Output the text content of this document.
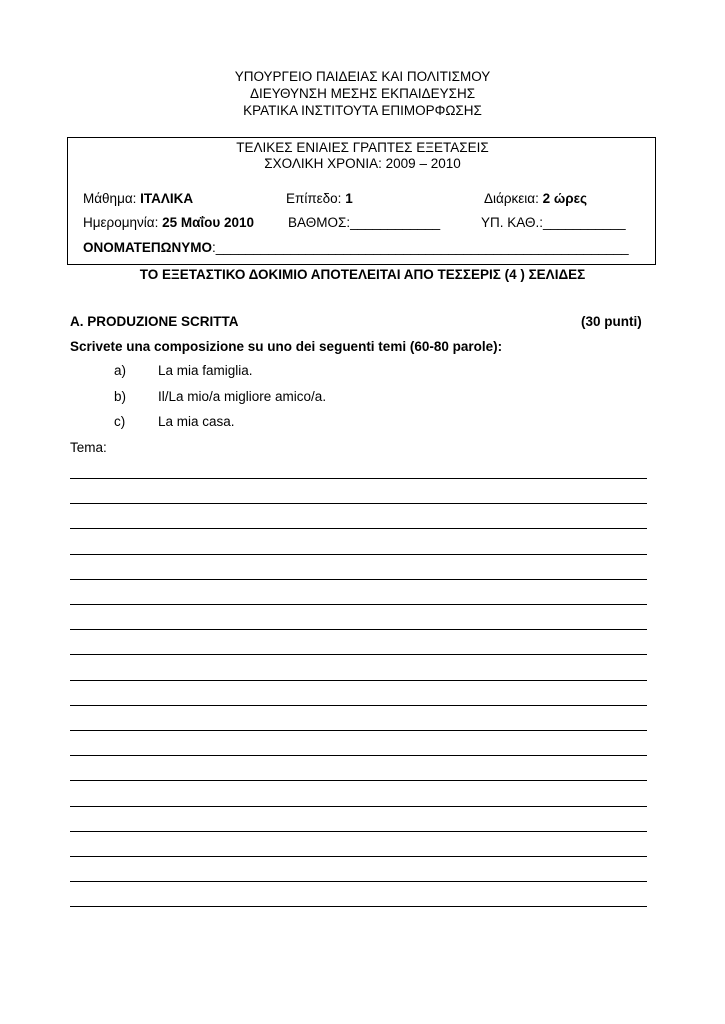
ΥΠΟΥΡΓΕΙΟ ΠΑΙΔΕΙΑΣ ΚΑΙ ΠΟΛΙΤΙΣΜΟΥ
ΔΙΕΥΘΥΝΣΗ ΜΕΣΗΣ ΕΚΠΑΙΔΕΥΣΗΣ
ΚΡΑΤΙΚΑ ΙΝΣΤΙΤΟΥΤΑ ΕΠΙΜΟΡΦΩΣΗΣ
ΤΕΛΙΚΕΣ ΕΝΙΑΙΕΣ ΓΡΑΠΤΕΣ ΕΞΕΤΑΣΕΙΣ
ΣΧΟΛΙΚΗ ΧΡΟΝΙΑ: 2009 – 2010
Μάθημα: ΙΤΑΛΙΚΑ	Επίπεδο: 1	Διάρκεια: 2 ώρες
Ημερομηνία: 25 Μαΐου 2010	ΒΑΘΜΟΣ:____________	ΥΠ. ΚΑΘ.:___________
ΟΝΟΜΑΤΕΠΩΝΥΜΟ:_______________________________________________________
ΤΟ ΕΞΕΤΑΣΤΙΚΟ ΔΟΚΙΜΙΟ ΑΠΟΤΕΛΕΙΤΑΙ ΑΠΟ ΤΕΣΣΕΡΙΣ (4 ) ΣΕΛΙΔΕΣ
A. PRODUZIONE SCRITTA	(30 punti)
Scrivete una composizione su uno dei seguenti temi (60-80 parole):
a) La mia famiglia.
b) Il/La mio/a migliore amico/a.
c) La mia casa.
Tema:
